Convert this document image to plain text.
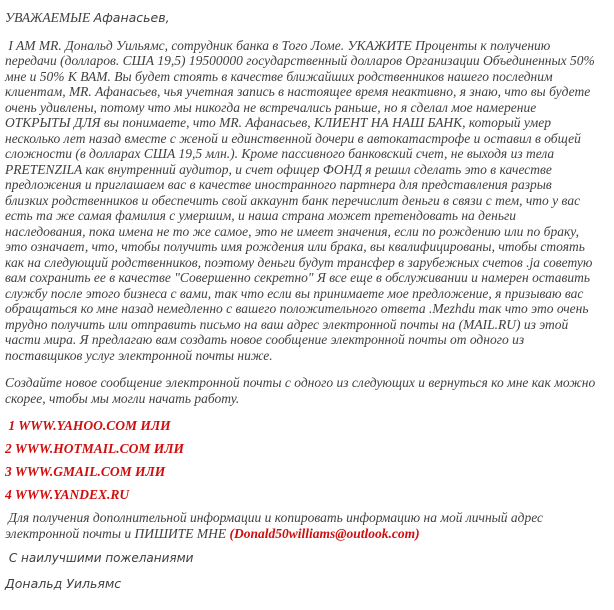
УВАЖАЕМЫЕ Афанасьев,

I AM MR. Дональд Уильямс, сотрудник банка в Того Ломе. УКАЖИТЕ Проценты к получению передачи (долларов. США 19,5) 19500000 государственный долларов Организации Объединенных 50% мне и 50% К ВАМ. Вы будет стоять в качестве ближайших родственников нашего последним клиентам, MR. Афанасьев, чья учетная запись в настоящее время неактивно, я знаю, что вы будете очень удивлены, потому что мы никогда не встречались раньше, но я сделал мое намерение ОТКРЫТЫ ДЛЯ вы понимаете, что MR. Афанасьев, КЛИЕНТ НА НАШ БАНК, который умер несколько лет назад вместе с женой и единственной дочери в автокатастрофе и оставил в общей сложности (в долларах США 19,5 млн.). Кроме пассивного банковский счет, не выходя из тела PRETENZILA как внутренний аудитор, и счет офицер ФОНД я решил сделать это в качестве предложения и приглашаем вас в качестве иностранного партнера для представления разрыв близких родственников и обеспечить свой аккаунт банк перечислит деньги в связи с тем, что у вас есть та же самая фамилия с умершим, и наша страна может претендовать на деньги наследования, пока имена не то же самое, это не имеет значения, если по рождению или по браку, это означает, что, чтобы получить имя рождения или брака, вы квалифицированы, чтобы стоять как на следующий родственников, поэтому деньги будут трансфер в зарубежных счетов .ja советую вам сохранить ее в качестве "Совершенно секретно" Я все еще в обслуживании и намерен оставить службу после этого бизнеса с вами, так что если вы принимаете мое предложение, я призываю вас обращаться ко мне назад немедленно с вашего положительного ответа .Mezhdu так что это очень трудно получить или отправить письмо на ваш адрес электронной почты на (MAIL.RU) из этой части мира. Я предлагаю вам создать новое сообщение электронной почты от одного из поставщиков услуг электронной почты ниже.

Создайте новое сообщение электронной почты с одного из следующих и вернуться ко мне как можно скорее, чтобы мы могли начать работу.

1 WWW.YAHOO.COM ИЛИ
2 WWW.HOTMAIL.COM ИЛИ
3 WWW.GMAIL.COM ИЛИ
4 WWW.YANDEX.RU

Для получения дополнительной информации и копировать информацию на мой личный адрес электронной почты и ПИШИТЕ МНЕ (Donald50williams@outlook.com)

С наилучшими пожеланиями

Дональд Уильямс
